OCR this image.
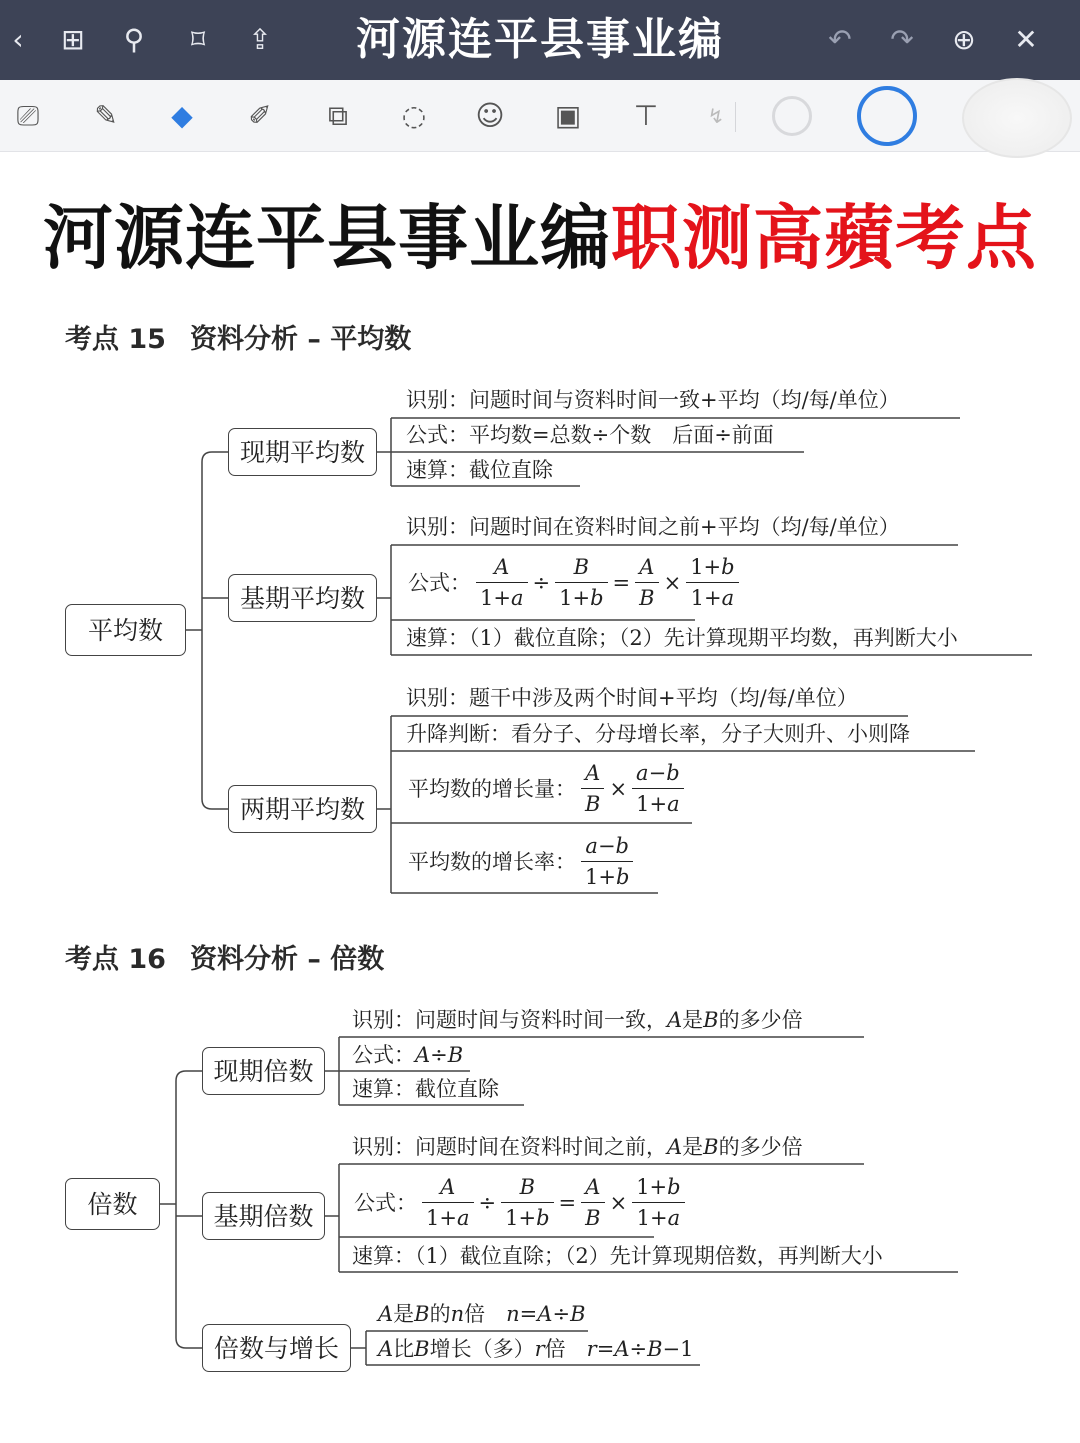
‹	⊞ ⚲	⌑	⇪	河源连平县事业编	↶ ↷ ⊕ ✕
⎚	✎	◆	✐	⧉	◌ ☺ ▣ ⊤	↯
河源连平县事业编职测高蘋考点
考点 15 资料分析 – 平均数
平均数
现期平均数
基期平均数
两期平均数
识别：问题时间与资料时间一致+平均（均/每/单位）
公式：平均数=总数÷个数　后面÷前面
速算：截位直除
识别：问题时间在资料时间之前+平均（均/每/单位）
公式： $\frac{A}{1+a} \div \frac{B}{1+b} = \frac{A}{B} \times \frac{1+b}{1+a}$
速算：（1）截位直除；（2）先计算现期平均数，再判断大小
识别：题干中涉及两个时间+平均（均/每/单位）
升降判断：看分子、分母增长率，分子大则升、小则降
平均数的增长量： $\frac{A}{B} \times \frac{a-b}{1+a}$
平均数的增长率： $\frac{a-b}{1+b}$
考点 16 资料分析 – 倍数
倍数
现期倍数
基期倍数
倍数与增长
识别：问题时间与资料时间一致，A是B的多少倍
公式：A÷B
速算：截位直除
识别：问题时间在资料时间之前，A是B的多少倍
公式： $\frac{A}{1+a} \div \frac{B}{1+b} = \frac{A}{B} \times \frac{1+b}{1+a}$
速算：（1）截位直除；（2）先计算现期倍数，再判断大小
A是B的n倍　 n=A÷B
A比B增长（多）r倍　 r=A÷B−1
